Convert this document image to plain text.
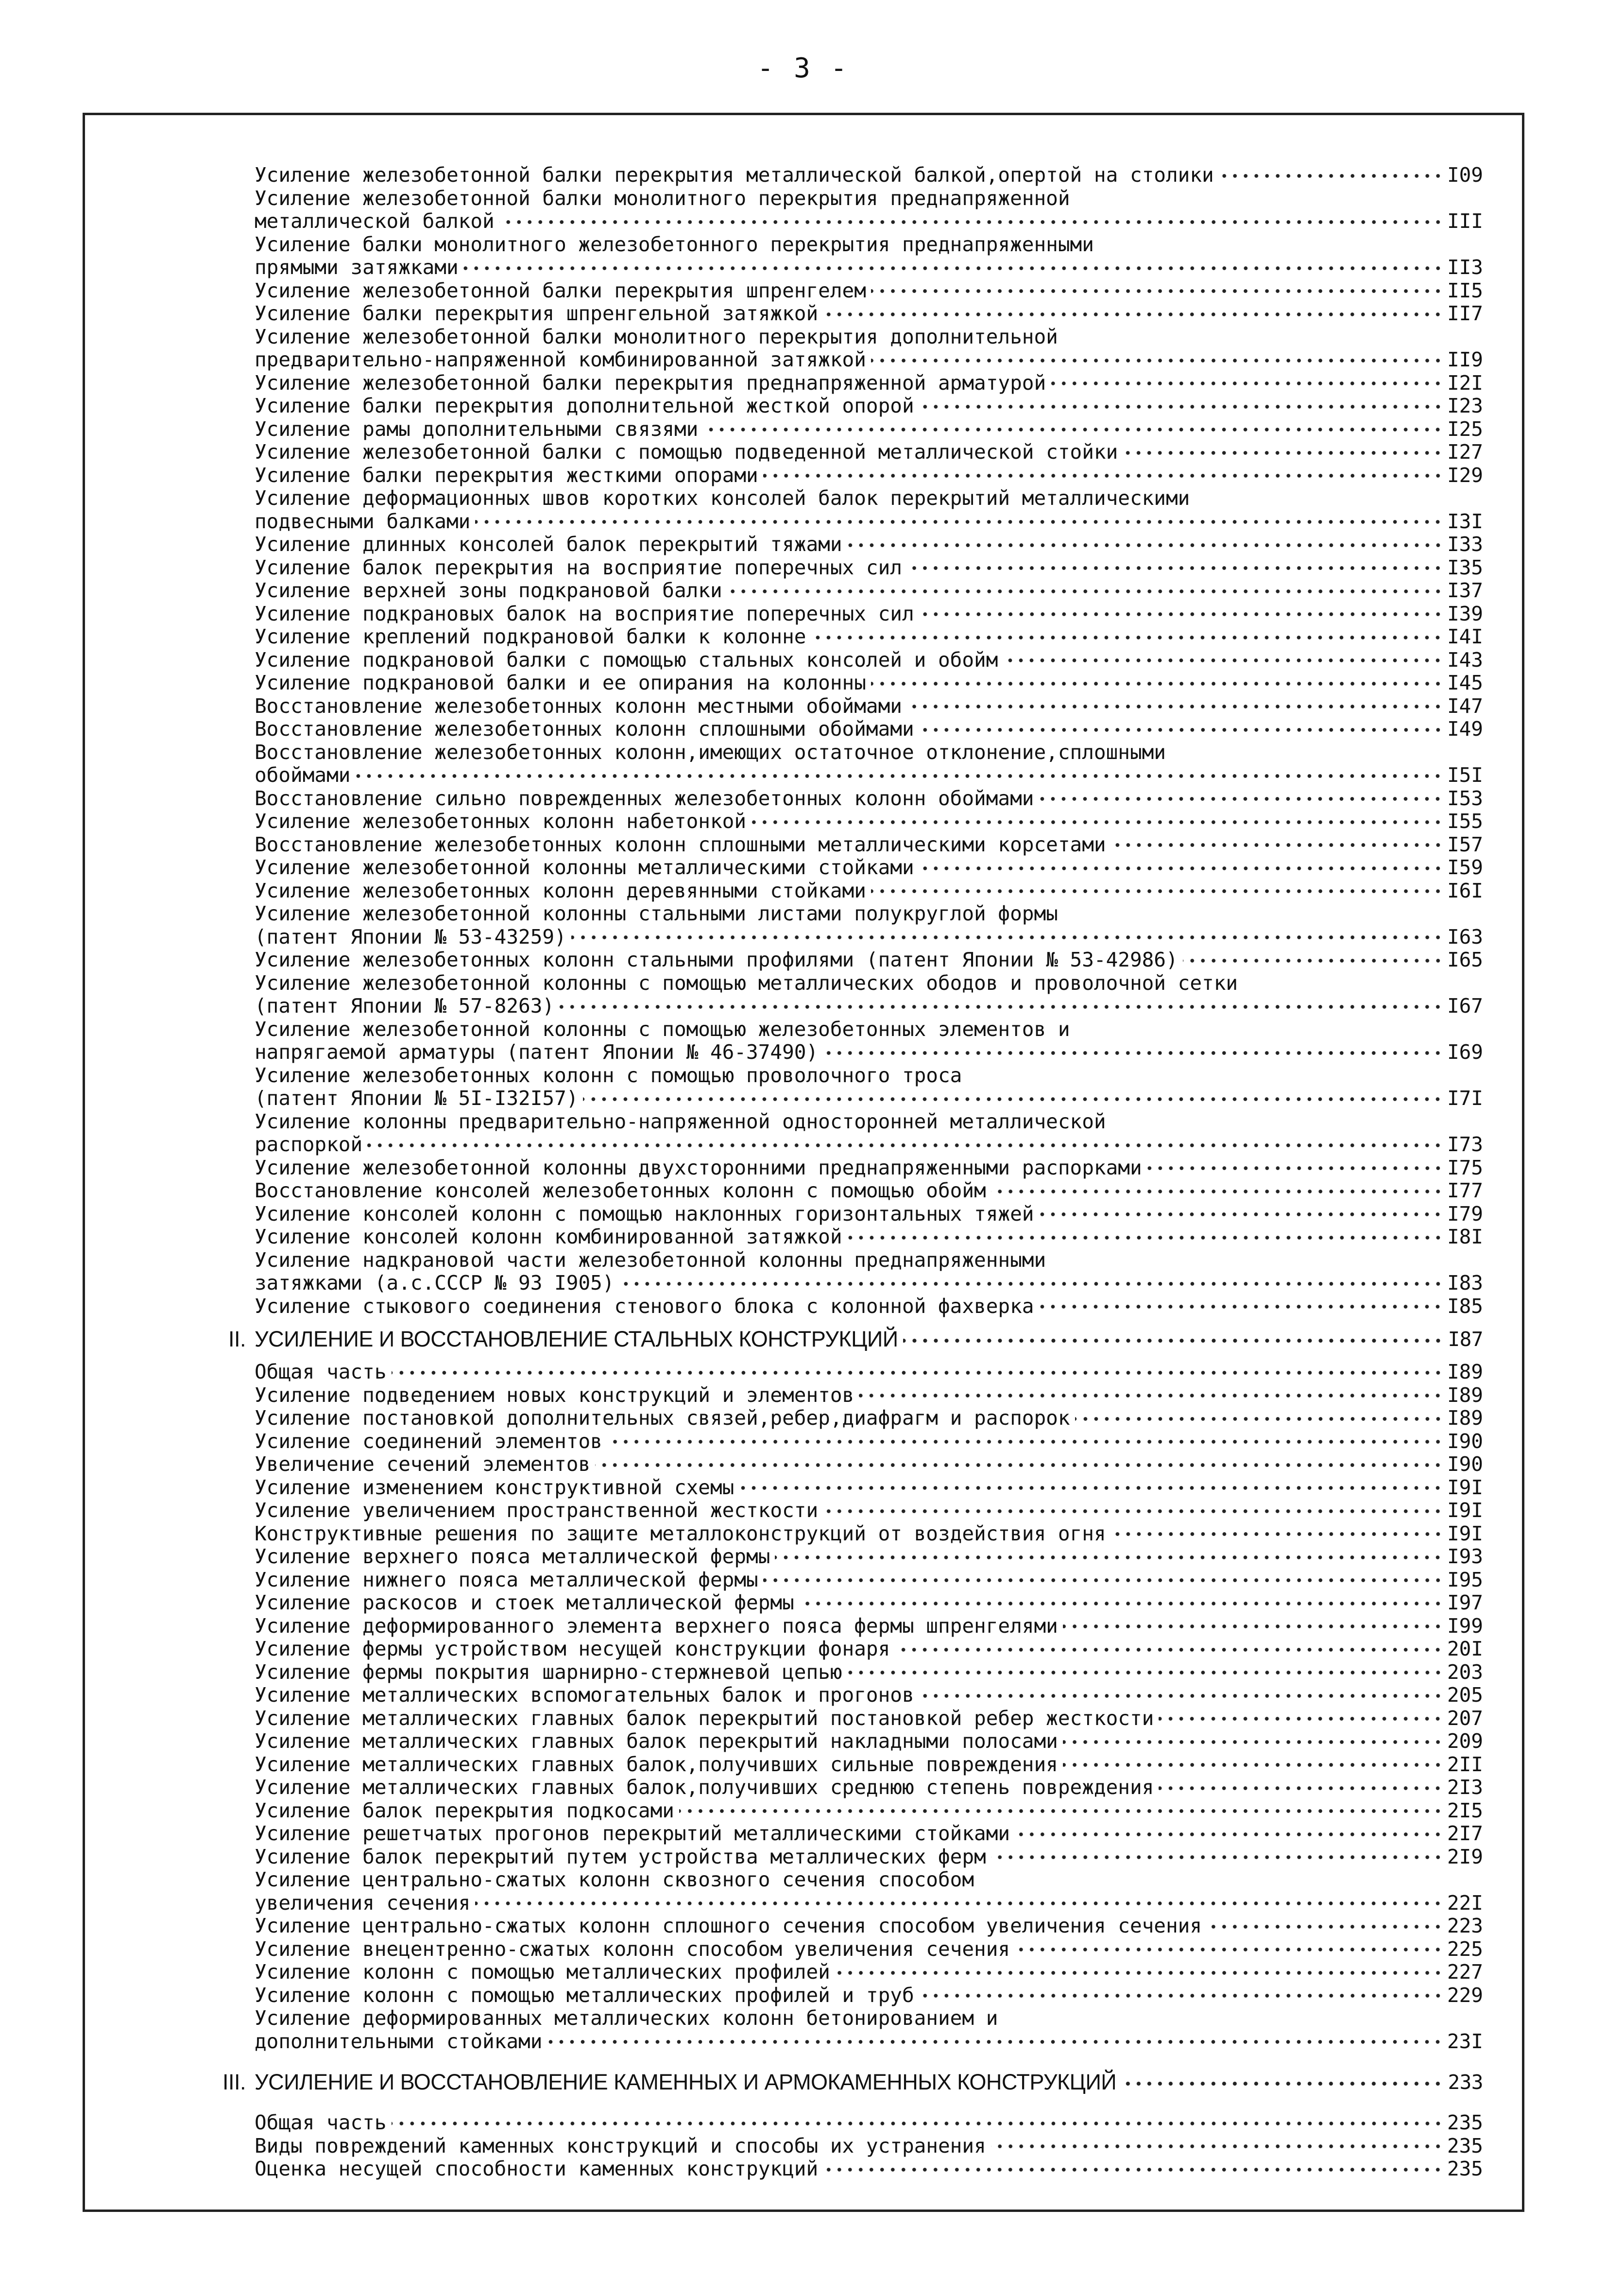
- 3 -
Усиление железобетонной балки перекрытия металлической балкой,опертой на столики	I09
Усиление железобетонной балки монолитного перекрытия преднапряженной
металлической балкой	III
Усиление балки монолитного железобетонного перекрытия преднапряженными
прямыми затяжками	II3
Усиление железобетонной балки перекрытия шпренгелем	II5
Усиление балки перекрытия шпренгельной затяжкой	II7
Усиление железобетонной балки монолитного перекрытия дополнительной
предварительно-напряженной комбинированной затяжкой	II9
Усиление железобетонной балки перекрытия преднапряженной арматурой	I2I
Усиление балки перекрытия дополнительной жесткой опорой	I23
Усиление рамы дополнительными связями	I25
Усиление железобетонной балки с помощью подведенной металлической стойки	I27
Усиление балки перекрытия жесткими опорами	I29
Усиление деформационных швов коротких консолей балок перекрытий металлическими
подвесными балками	I3I
Усиление длинных консолей балок перекрытий тяжами	I33
Усиление балок перекрытия на восприятие поперечных сил	I35
Усиление верхней зоны подкрановой балки	I37
Усиление подкрановых балок на восприятие поперечных сил	I39
Усиление креплений подкрановой балки к колонне	I4I
Усиление подкрановой балки с помощью стальных консолей и обойм	I43
Усиление подкрановой балки и ее опирания на колонны	I45
Восстановление железобетонных колонн местными обоймами	I47
Восстановление железобетонных колонн сплошными обоймами	I49
Восстановление железобетонных колонн,имеющих остаточное отклонение,сплошными
обоймами	I5I
Восстановление сильно поврежденных железобетонных колонн обоймами	I53
Усиление железобетонных колонн набетонкой	I55
Восстановление железобетонных колонн сплошными металлическими корсетами	I57
Усиление железобетонной колонны металлическими стойками	I59
Усиление железобетонных колонн деревянными стойками	I6I
Усиление железобетонной колонны стальными листами полукруглой формы
(патент Японии № 53-43259)	I63
Усиление железобетонных колонн стальными профилями (патент Японии № 53-42986)	I65
Усиление железобетонной колонны с помощью металлических ободов и проволочной сетки
(патент Японии № 57-8263)	I67
Усиление железобетонной колонны с помощью железобетонных элементов и
напрягаемой арматуры (патент Японии № 46-37490)	I69
Усиление железобетонных колонн с помощью проволочного троса
(патент Японии № 5I-I32I57)	I7I
Усиление колонны предварительно-напряженной односторонней металлической
распоркой	I73
Усиление железобетонной колонны двухсторонними преднапряженными распорками	I75
Восстановление консолей железобетонных колонн с помощью обойм	I77
Усиление консолей колонн с помощью наклонных горизонтальных тяжей	I79
Усиление консолей колонн комбинированной затяжкой	I8I
Усиление надкрановой части железобетонной колонны преднапряженными
затяжками (а.с.СССР № 93 I905)	I83
Усиление стыкового соединения стенового блока с колонной фахверка	I85
II. УСИЛЕНИЕ И ВОССТАНОВЛЕНИЕ СТАЛЬНЫХ КОНСТРУКЦИЙ	I87
Общая часть	I89
Усиление подведением новых конструкций и элементов	I89
Усиление постановкой дополнительных связей,ребер,диафрагм и распорок	I89
Усиление соединений элементов	I90
Увеличение сечений элементов	I90
Усиление изменением конструктивной схемы	I9I
Усиление увеличением пространственной жесткости	I9I
Конструктивные решения по защите металлоконструкций от воздействия огня	I9I
Усиление верхнего пояса металлической фермы	I93
Усиление нижнего пояса металлической фермы	I95
Усиление раскосов и стоек металлической фермы	I97
Усиление деформированного элемента верхнего пояса фермы шпренгелями	I99
Усиление фермы устройством несущей конструкции фонаря	20I
Усиление фермы покрытия шарнирно-стержневой цепью	203
Усиление металлических вспомогательных балок и прогонов	205
Усиление металлических главных балок перекрытий постановкой ребер жесткости	207
Усиление металлических главных балок перекрытий накладными полосами	209
Усиление металлических главных балок,получивших сильные повреждения	2II
Усиление металлических главных балок,получивших среднюю степень повреждения	2I3
Усиление балок перекрытия подкосами	2I5
Усиление решетчатых прогонов перекрытий металлическими стойками	2I7
Усиление балок перекрытий путем устройства металлических ферм	2I9
Усиление центрально-сжатых колонн сквозного сечения способом
увеличения сечения	22I
Усиление центрально-сжатых колонн сплошного сечения способом увеличения сечения	223
Усиление внецентренно-сжатых колонн способом увеличения сечения	225
Усиление колонн с помощью металлических профилей	227
Усиление колонн с помощью металлических профилей и труб	229
Усиление деформированных металлических колонн бетонированием и
дополнительными стойками	23I
III. УСИЛЕНИЕ И ВОССТАНОВЛЕНИЕ КАМЕННЫХ И АРМОКАМЕННЫХ КОНСТРУКЦИЙ	233
Общая часть	235
Виды повреждений каменных конструкций и способы их устранения	235
Оценка несущей способности каменных конструкций	235
